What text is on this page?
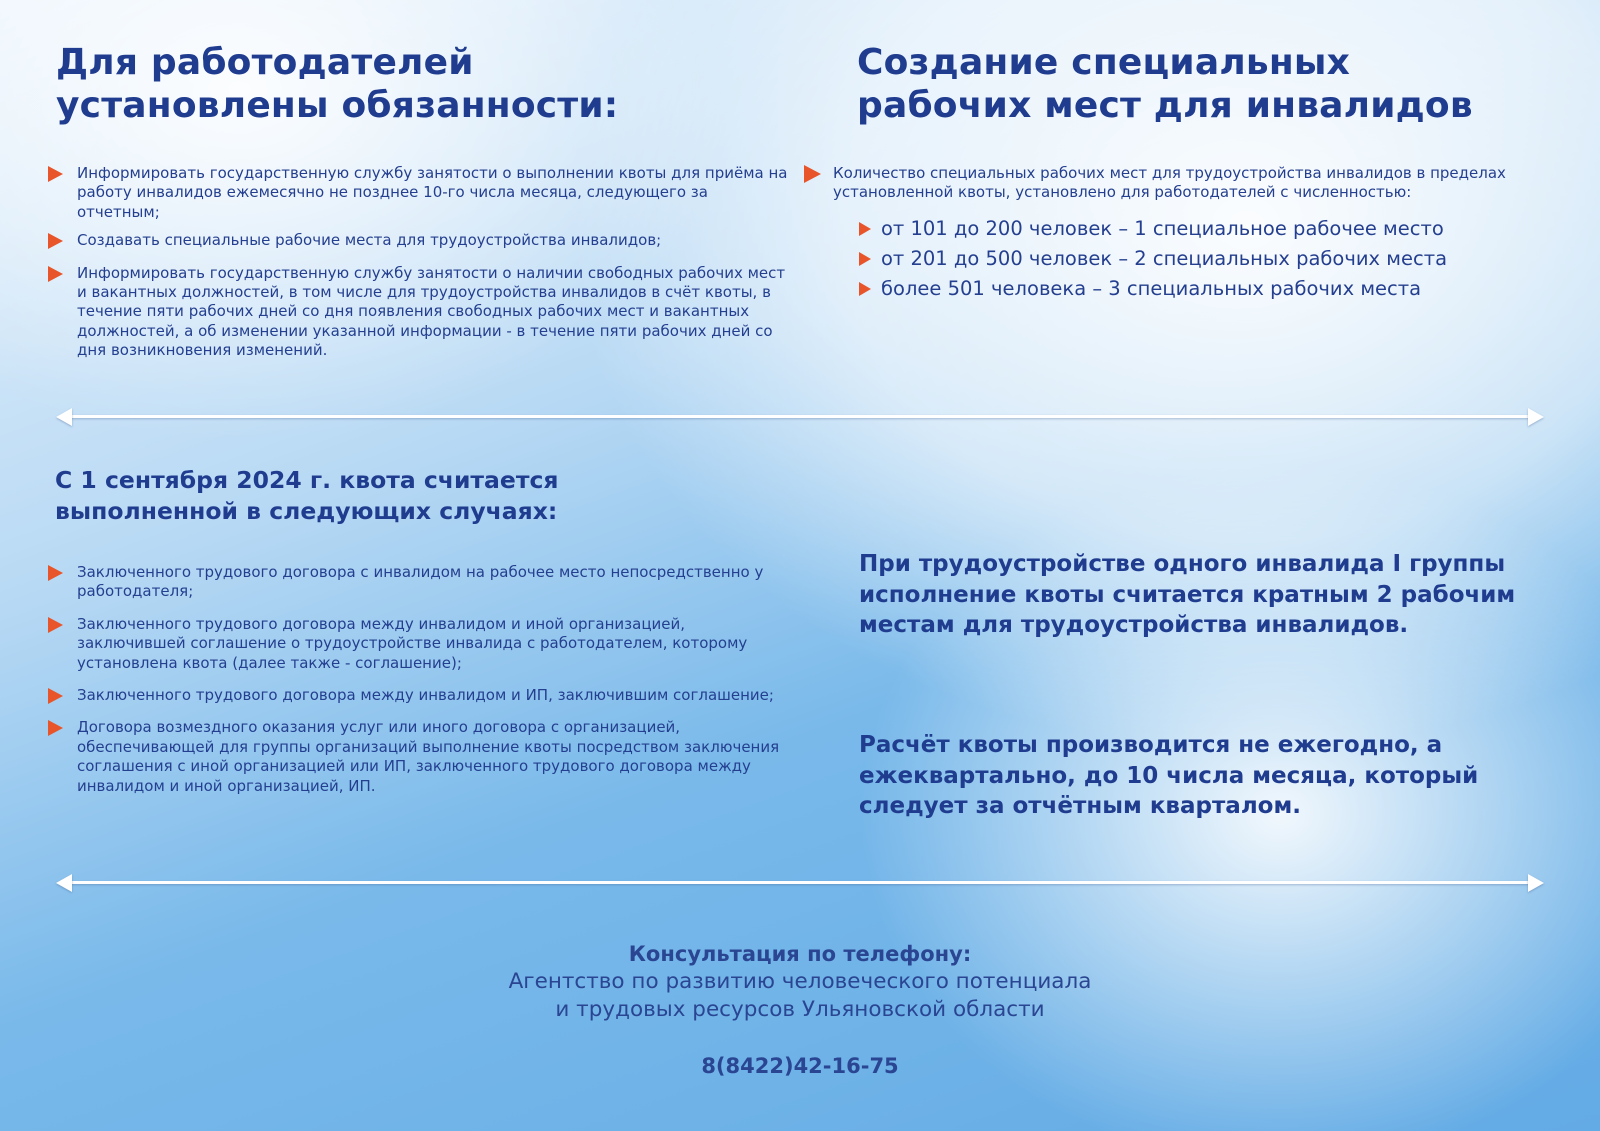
Для работодателей
установлены обязанности:
Информировать государственную службу занятости о выполнении квоты для приёма на работу инвалидов ежемесячно не позднее 10-го числа месяца, следующего за отчетным;
Создавать специальные рабочие места для трудоустройства инвалидов;
Информировать государственную службу занятости о наличии свободных рабочих мест и вакантных должностей, в том числе для трудоустройства инвалидов в счёт квоты, в течение пяти рабочих дней со дня появления свободных рабочих мест и вакантных должностей, а об изменении указанной информации - в течение пяти рабочих дней со дня возникновения изменений.
Создание специальных
рабочих мест для инвалидов
Количество специальных рабочих мест для трудоустройства инвалидов в пределах установленной квоты, установлено для работодателей с численностью:
от 101 до 200 человек – 1 специальное рабочее место
от 201 до 500 человек – 2 специальных рабочих места
более 501 человека – 3 специальных рабочих места
С 1 сентября 2024 г. квота считается
выполненной в следующих случаях:
Заключенного трудового договора с инвалидом на рабочее место непосредственно у работодателя;
Заключенного трудового договора между инвалидом и иной организацией, заключившей соглашение о трудоустройстве инвалида с работодателем, которому установлена квота (далее также - соглашение);
Заключенного трудового договора между инвалидом и ИП, заключившим соглашение;
Договора возмездного оказания услуг или иного договора с организацией, обеспечивающей для группы организаций выполнение квоты посредством заключения соглашения с иной организацией или ИП, заключенного трудового договора между инвалидом и иной организацией, ИП.

При трудоустройстве одного инвалида I группы исполнение квоты считается кратным 2 рабочим местам для трудоустройства инвалидов.

Расчёт квоты производится не ежегодно, а ежеквартально, до 10 числа месяца, который следует за отчётным кварталом.

Консультация по телефону:
Агентство по развитию человеческого потенциала
и трудовых ресурсов Ульяновской области
8(8422)42-16-75
